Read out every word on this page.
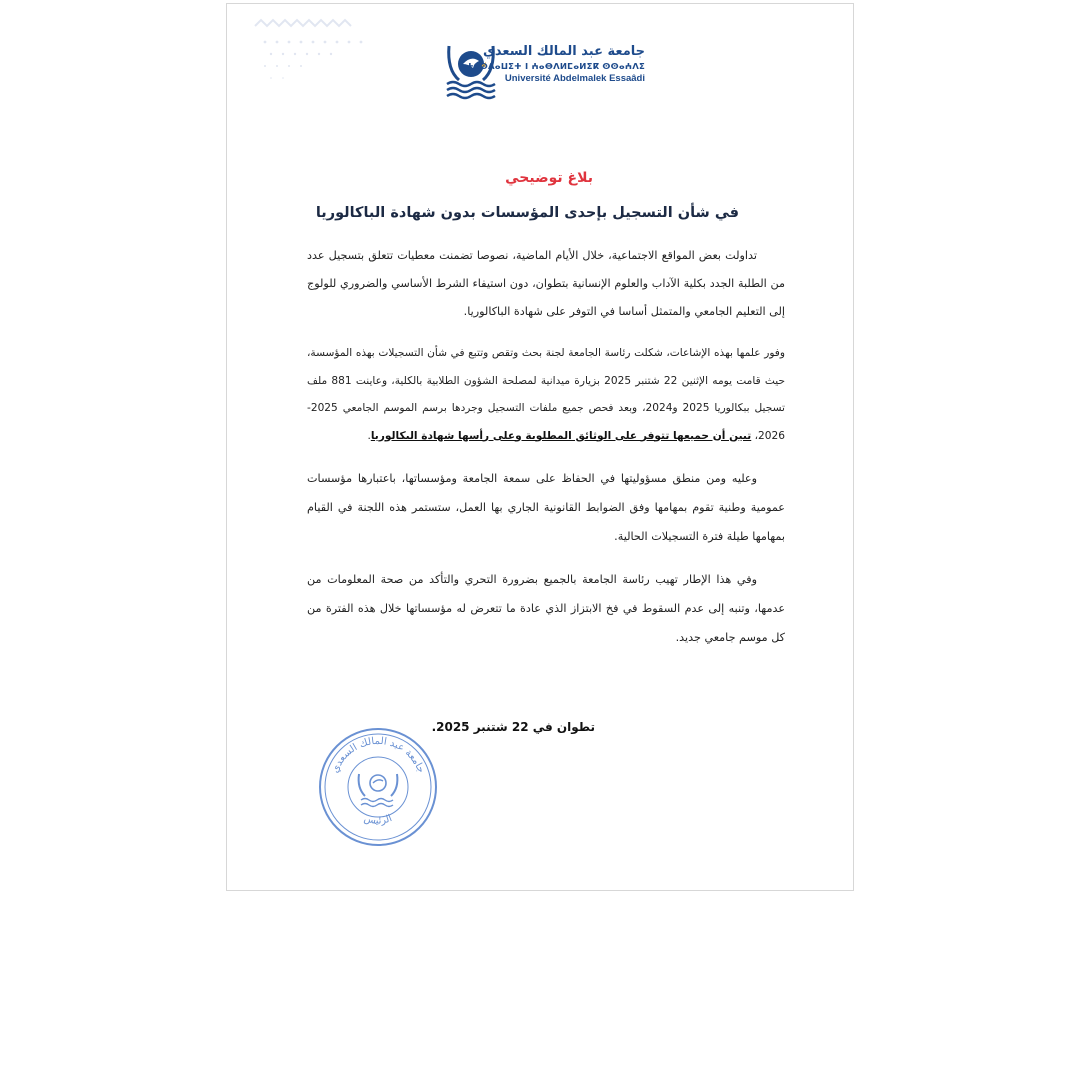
جامعة عبد المالك السعدي
ⵜⴰⵙⴷⴰⵡⵉⵜ ⵏ ⵄⴰⴱⴷⵍⵎⴰⵍⵉⴽ ⵙⵙⴰⵄⴷⵉ
Université Abdelmalek Essaâdi
بلاغ توضيحي
في شأن التسجيل بإحدى المؤسسات بدون شهادة الباكالوريا

تداولت بعض المواقع الاجتماعية، خلال الأيام الماضية، نصوصا تضمنت معطيات تتعلق بتسجيل عدد من الطلبة الجدد بكلية الآداب والعلوم الإنسانية بتطوان، دون استيفاء الشرط الأساسي والضروري للولوج إلى التعليم الجامعي والمتمثل أساسا في التوفر على شهادة الباكالوريا.

وفور علمها بهذه الإشاعات، شكلت رئاسة الجامعة لجنة بحث وتقص وتتبع في شأن التسجيلات بهذه المؤسسة، حيث قامت يومه الإثنين 22 شتنبر 2025 بزيارة ميدانية لمصلحة الشؤون الطلابية بالكلية، وعاينت 881 ملف تسجيل ببكالوريا 2025 و2024، وبعد فحص جميع ملفات التسجيل وجردها برسم الموسم الجامعي 2025-2026، تبين أن جميعها تتوفر على الوثائق المطلوبة وعلى رأسها شهادة البكالوريا.

وعليه ومن منطق مسؤوليتها في الحفاظ على سمعة الجامعة ومؤسساتها، باعتبارها مؤسسات عمومية وطنية تقوم بمهامها وفق الضوابط القانونية الجاري بها العمل، ستستمر هذه اللجنة في القيام بمهامها طيلة فترة التسجيلات الحالية.

وفي هذا الإطار تهيب رئاسة الجامعة بالجميع بضرورة التحري والتأكد من صحة المعلومات من عدمها، وتنبه إلى عدم السقوط في فخ الابتزاز الذي عادة ما تتعرض له مؤسساتها خلال هذه الفترة من كل موسم جامعي جديد.

تطوان في 22 شتنبر 2025.
جامعة عبد المالك السعدي
الرئيس
